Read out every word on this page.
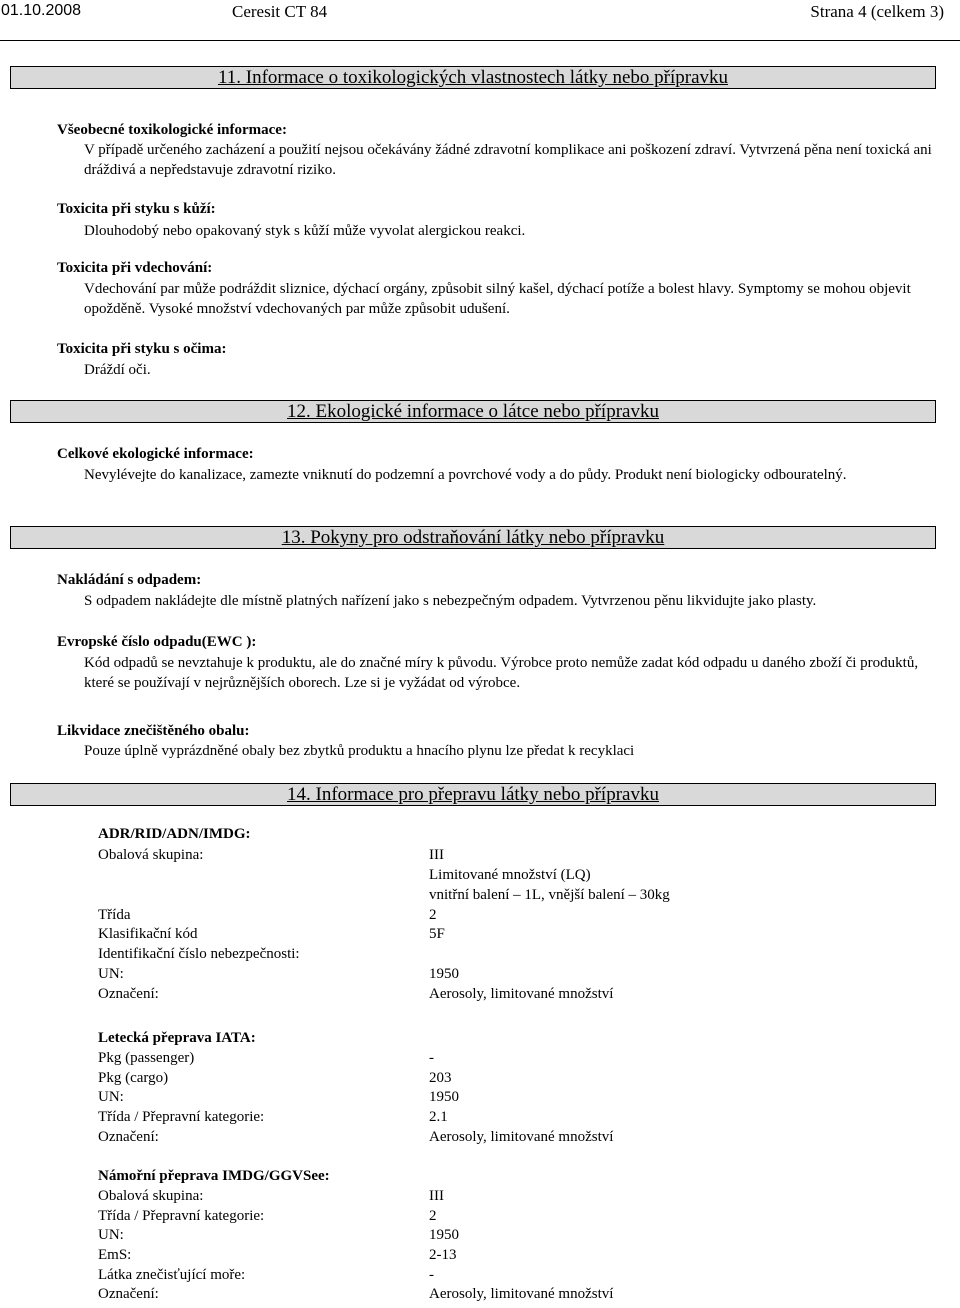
01.10.2008	Ceresit CT 84	Strana 4 (celkem 3)
11. Informace o toxikologických vlastnostech látky nebo přípravku
Všeobecné toxikologické informace:
V případě určeného zacházení a použití nejsou očekávány žádné zdravotní komplikace ani poškození zdraví. Vytvrzená pěna není toxická ani dráždivá a nepředstavuje zdravotní riziko.
Toxicita při styku s kůží:
Dlouhodobý nebo opakovaný styk s kůží může vyvolat alergickou reakci.
Toxicita při vdechování:
Vdechování par může podráždit sliznice, dýchací orgány, způsobit silný kašel, dýchací potíže a bolest hlavy. Symptomy se mohou objevit opožděně. Vysoké množství vdechovaných par může způsobit udušení.
Toxicita při styku s očima:
Dráždí oči.
12. Ekologické informace o látce nebo přípravku
Celkové ekologické informace:
Nevylévejte do kanalizace, zamezte vniknutí do podzemní a povrchové vody a do půdy. Produkt není biologicky odbouratelný.
13. Pokyny pro odstraňování látky nebo přípravku
Nakládání s odpadem:
S odpadem nakládejte dle místně platných nařízení jako s nebezpečným odpadem. Vytvrzenou pěnu likvidujte jako plasty.
Evropské číslo odpadu(EWC ):
Kód odpadů se nevztahuje k produktu, ale do značné míry k původu. Výrobce proto nemůže zadat kód odpadu u daného zboží či produktů, které se používají v nejrůznějších oborech. Lze si je vyžádat od výrobce.
Likvidace znečištěného obalu:
Pouze úplně vyprázdněné obaly bez zbytků produktu a hnacího plynu lze předat k recyklaci
14. Informace pro přepravu látky nebo přípravku
ADR/RID/ADN/IMDG:
Obalová skupina:	III
Limitované množství (LQ)
vnitřní balení – 1L, vnější balení – 30kg
Třída	2
Klasifikační kód	5F
Identifikační číslo nebezpečnosti:
UN:	1950
Označení:	Aerosoly, limitované množství
Letecká přeprava IATA:
Pkg (passenger)	-
Pkg (cargo)	203
UN:	1950
Třída / Přepravní kategorie:	2.1
Označení:	Aerosoly, limitované množství
Námořní přeprava IMDG/GGVSee:
Obalová skupina:	III
Třída / Přepravní kategorie:	2
UN:	1950
EmS:	2-13
Látka znečisťující moře:	-
Označení:	Aerosoly, limitované množství
